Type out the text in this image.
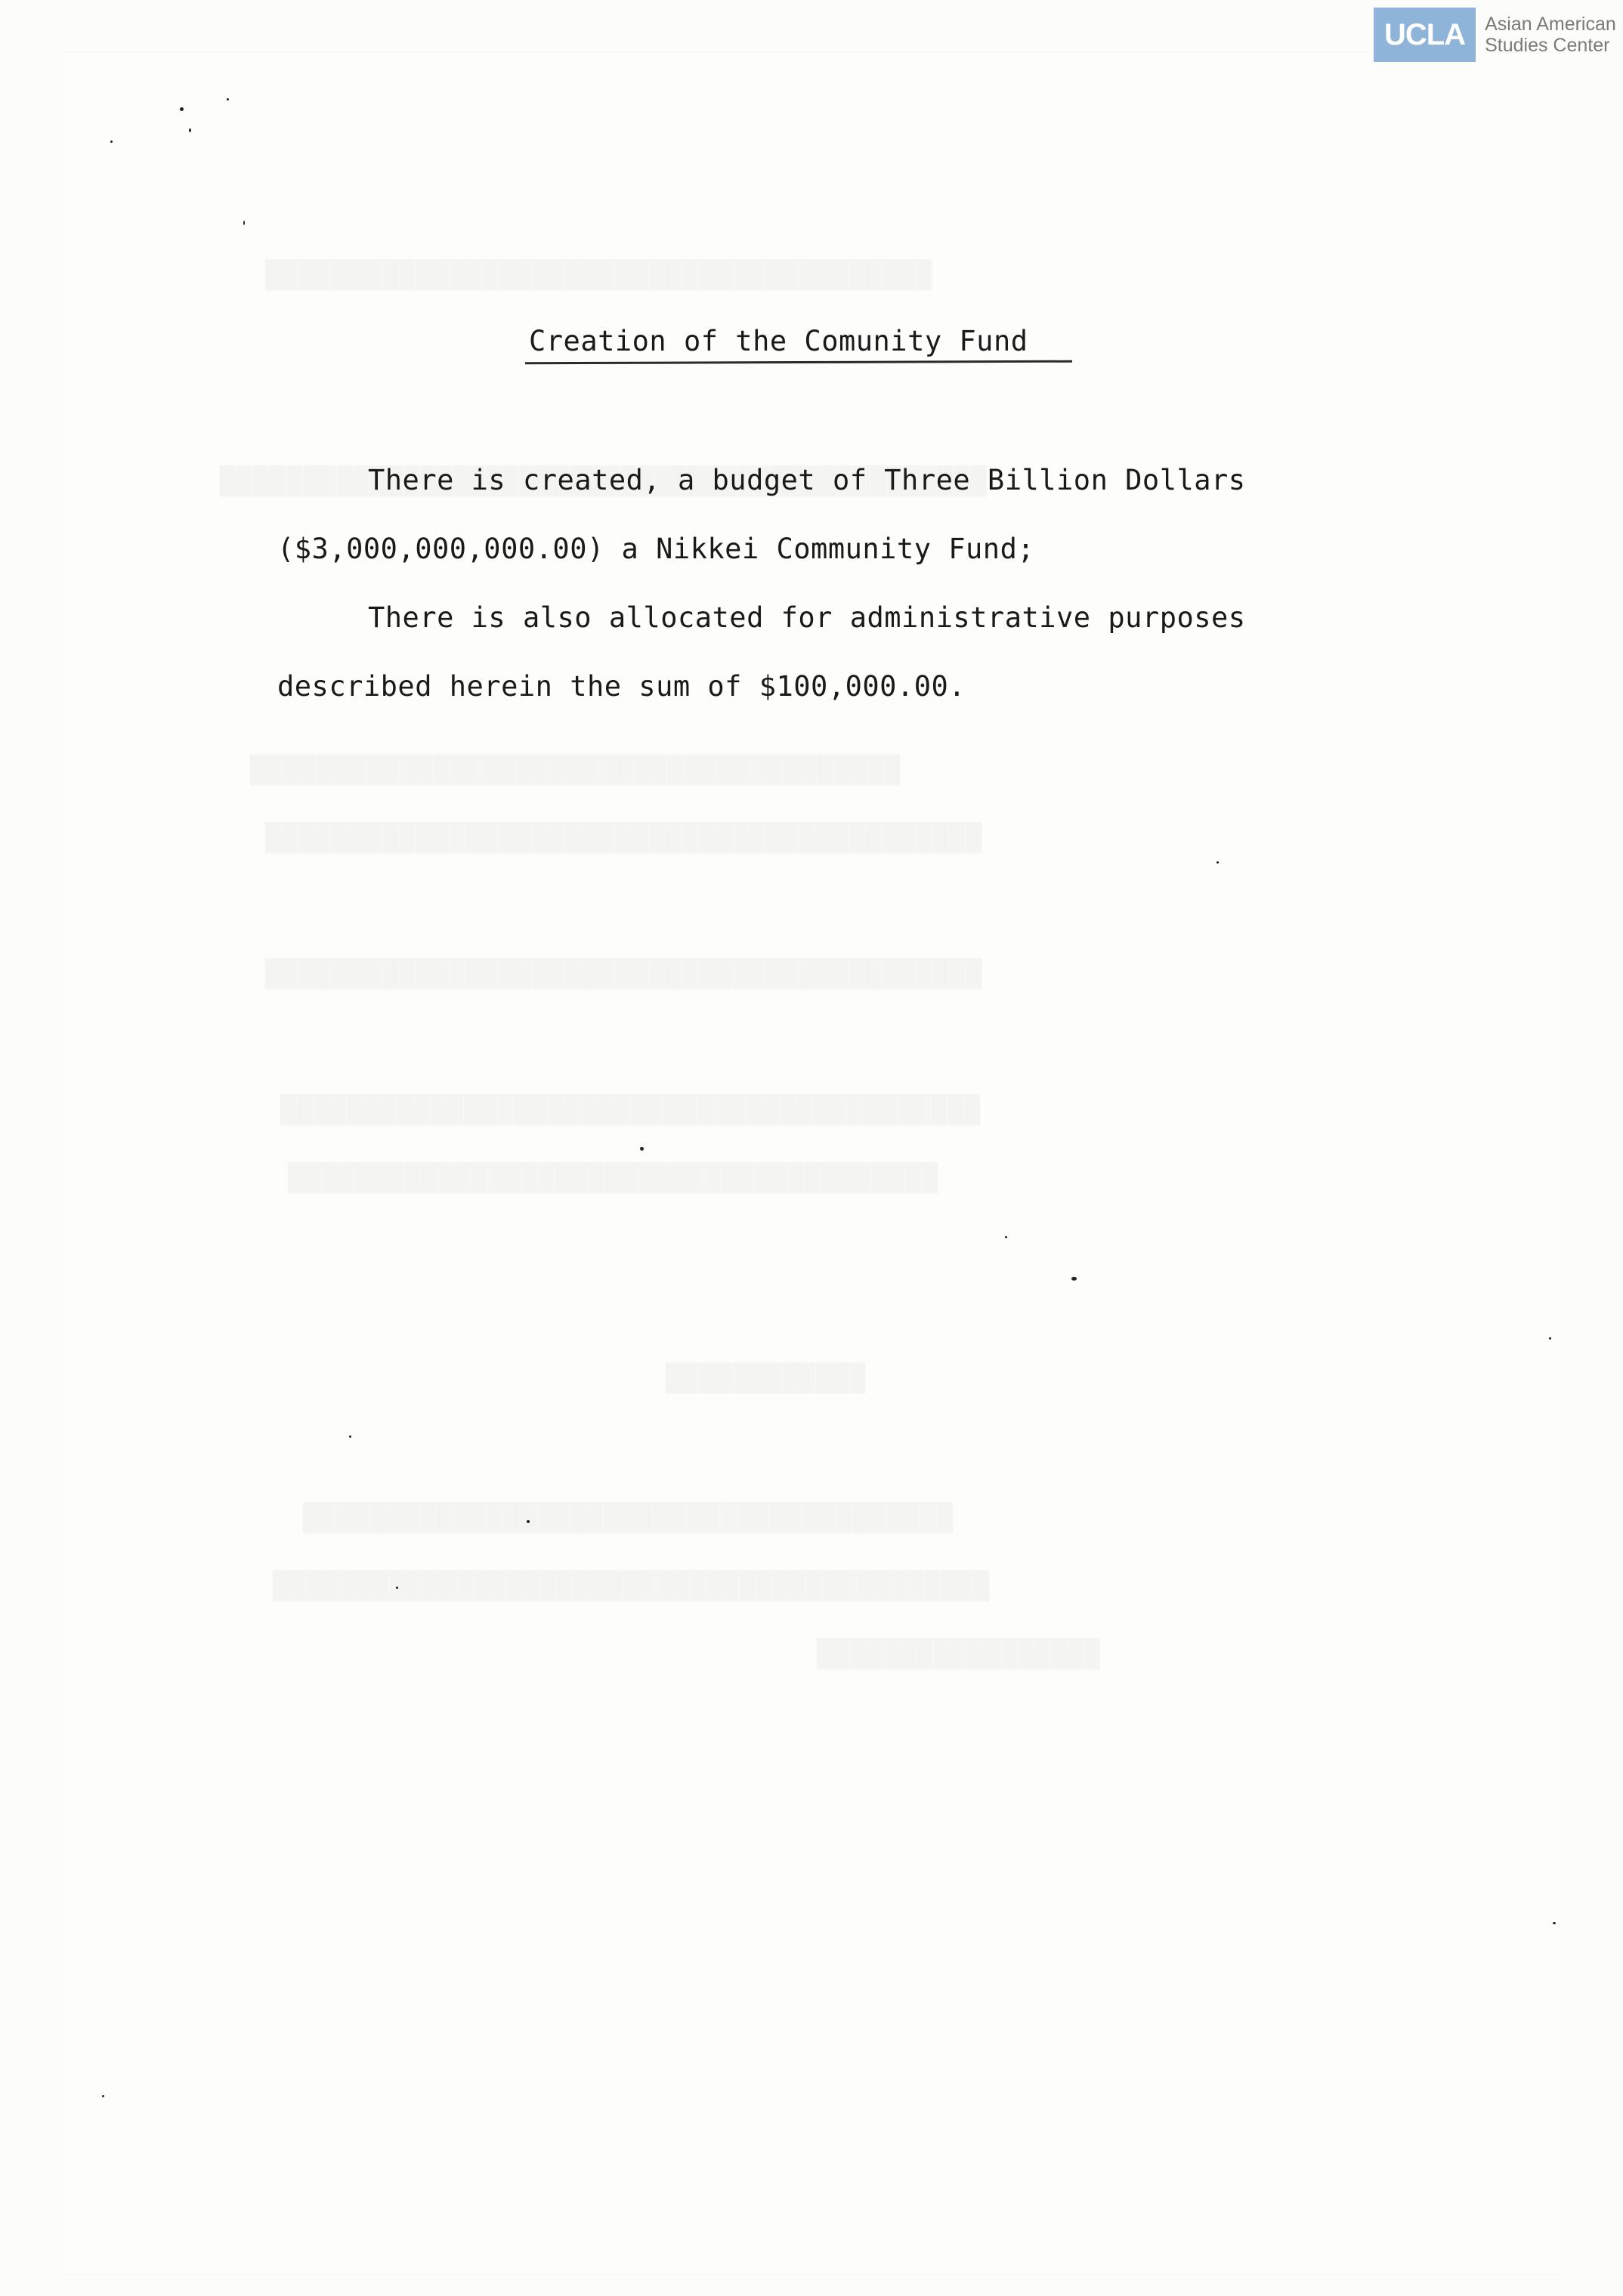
UCLA	Asian American
Studies Center
Creation of the Comunity Fund
There is created, a budget of Three Billion Dollars
($3,000,000,000.00) a Nikkei Community Fund;
There is also allocated for administrative purposes
described herein the sum of $100,000.00.
